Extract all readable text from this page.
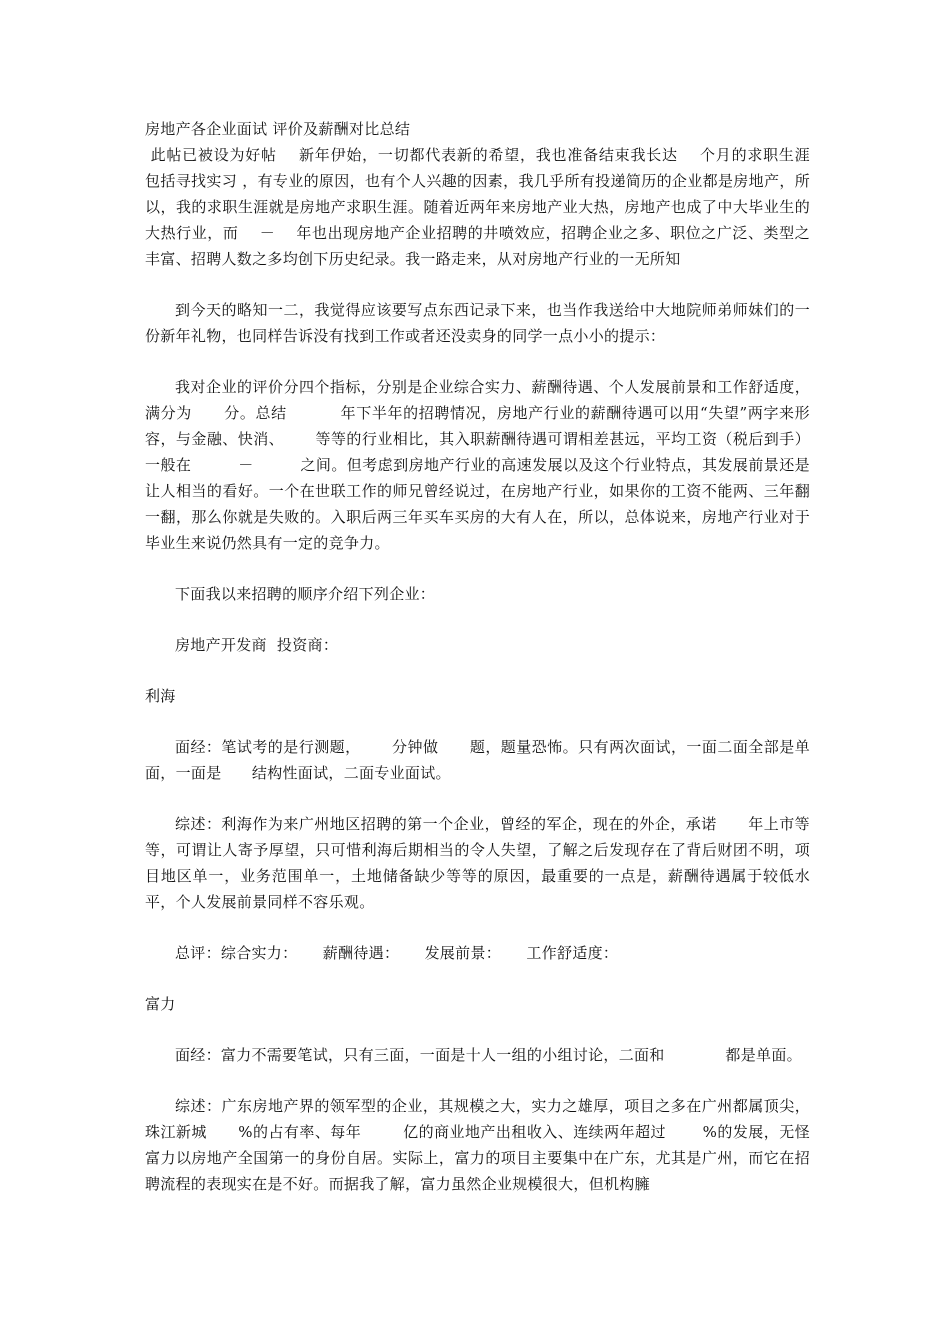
房地产各企业面试 评价及薪酬对比总结

此帖已被设为好帖    新年伊始，一切都代表新的希望，我也准备结束我长达    个月的求职生涯  包括寻找实习 ，有专业的原因，也有个人兴趣的因素，我几乎所有投递简历的企业都是房地产，所以，我的求职生涯就是房地产求职生涯。随着近两年来房地产业大热，房地产也成了中大毕业生的大热行业，而    －    年也出现房地产企业招聘的井喷效应，招聘企业之多、职位之广泛、类型之丰富、招聘人数之多均创下历史纪录。我一路走来，从对房地产行业的一无所知

到今天的略知一二，我觉得应该要写点东西记录下来，也当作我送给中大地院师弟师妹们的一份新年礼物，也同样告诉没有找到工作或者还没卖身的同学一点小小的提示：

我对企业的评价分四个指标，分别是企业综合实力、薪酬待遇、个人发展前景和工作舒适度，满分为      分。总结          年下半年的招聘情况，房地产行业的薪酬待遇可以用“失望”两字来形容，与金融、快消、      等等的行业相比，其入职薪酬待遇可谓相差甚远，平均工资（税后到手）一般在         －         之间。但考虑到房地产行业的高速发展以及这个行业特点，其发展前景还是让人相当的看好。一个在世联工作的师兄曾经说过，在房地产行业，如果你的工资不能两、三年翻一翻，那么你就是失败的。入职后两三年买车买房的大有人在，所以，总体说来，房地产行业对于毕业生来说仍然具有一定的竞争力。

下面我以来招聘的顺序介绍下列企业：

房地产开发商  投资商：

利海

面经：笔试考的是行测题，      分钟做      题，题量恐怖。只有两次面试，一面二面全部是单面，一面是      结构性面试，二面专业面试。

综述：利海作为来广州地区招聘的第一个企业，曾经的军企，现在的外企，承诺      年上市等等，可谓让人寄予厚望，只可惜利海后期相当的令人失望，了解之后发现存在了背后财团不明，项目地区单一，业务范围单一，土地储备缺少等等的原因，最重要的一点是，薪酬待遇属于较低水平，个人发展前景同样不容乐观。

总评：综合实力：     薪酬待遇：     发展前景：     工作舒适度：

富力

面经：富力不需要笔试，只有三面，一面是十人一组的小组讨论，二面和            都是单面。

综述：广东房地产界的领军型的企业，其规模之大，实力之雄厚，项目之多在广州都属顶尖，珠江新城      %的占有率、每年        亿的商业地产出租收入、连续两年超过       %的发展，无怪富力以房地产全国第一的身份自居。实际上，富力的项目主要集中在广东，尤其是广州，而它在招聘流程的表现实在是不好。而据我了解，富力虽然企业规模很大，但机构臃
